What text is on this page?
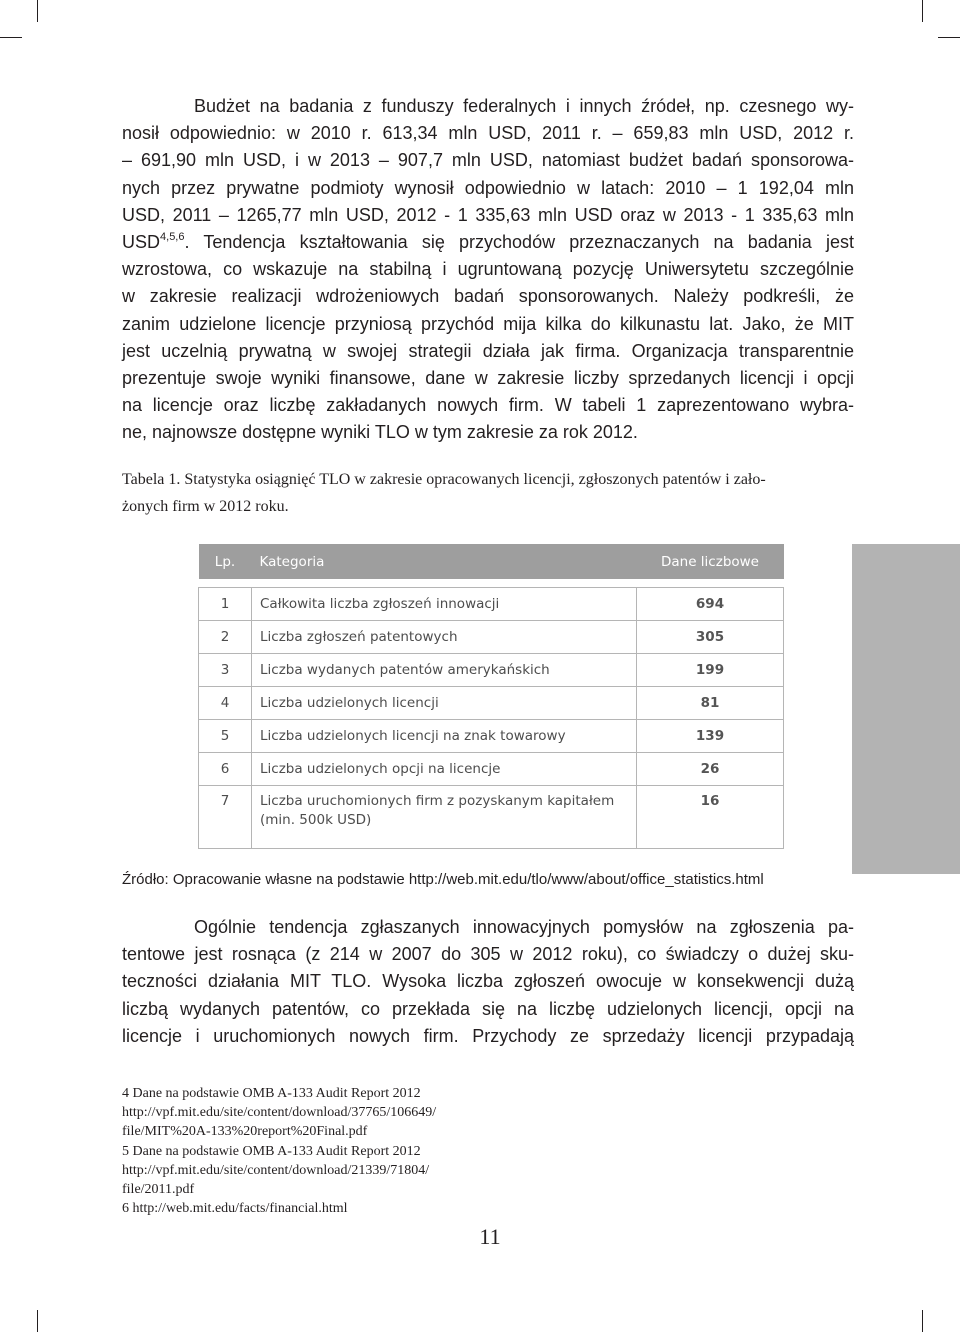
Budżet na badania z funduszy federalnych i innych źródeł, np. czesnego wy-
nosił odpowiednio: w 2010 r. 613,34 mln USD, 2011 r. – 659,83 mln USD, 2012 r.
– 691,90 mln USD, i w 2013 – 907,7 mln USD, natomiast budżet badań sponsorowa-
nych przez prywatne podmioty wynosił odpowiednio w latach: 2010 – 1 192,04 mln
USD, 2011 – 1265,77 mln USD, 2012 - 1 335,63 mln USD oraz w 2013 - 1 335,63 mln
USD$^{4,5,6}$. Tendencja kształtowania się przychodów przeznaczanych na badania jest
wzrostowa, co wskazuje na stabilną i ugruntowaną pozycję Uniwersytetu szczególnie
w zakresie realizacji wdrożeniowych badań sponsorowanych. Należy podkreśli, że
zanim udzielone licencje przyniosą przychód mija kilka do kilkunastu lat. Jako, że MIT
jest uczelnią prywatną w swojej strategii działa jak firma. Organizacja transparentnie
prezentuje swoje wyniki finansowe, dane w zakresie liczby sprzedanych licencji i opcji
na licencje oraz liczbę zakładanych nowych firm. W tabeli 1 zaprezentowano wybra-
ne, najnowsze dostępne wyniki TLO w tym zakresie za rok 2012.
Tabela 1. Statystyka osiągnięć TLO w zakresie opracowanych licencji, zgłoszonych patentów i zało-
żonych firm w 2012 roku.
Lp.	Kategoria	Dane liczbowe

1	Całkowita liczba zgłoszeń innowacji	694
2	Liczba zgłoszeń patentowych	305
3	Liczba wydanych patentów amerykańskich	199
4	Liczba udzielonych licencji	81
5	Liczba udzielonych licencji na znak towarowy	139
6	Liczba udzielonych opcji na licencje	26
7	Liczba uruchomionych firm z pozyskanym kapitałem (min. 500k USD)	16
Źródło: Opracowanie własne na podstawie http://web.mit.edu/tlo/www/about/office_statistics.html
Ogólnie tendencja zgłaszanych innowacyjnych pomysłów na zgłoszenia pa-
tentowe jest rosnąca (z 214 w 2007 do 305 w 2012 roku), co świadczy o dużej sku-
teczności działania MIT TLO. Wysoka liczba zgłoszeń owocuje w konsekwencji dużą
liczbą wydanych patentów, co przekłada się na liczbę udzielonych licencji, opcji na
licencje i uruchomionych nowych firm. Przychody ze sprzedaży licencji przypadają
4 Dane na podstawie OMB A-133 Audit Report 2012
http://vpf.mit.edu/site/content/download/37765/106649/
file/MIT%20A-133%20report%20Final.pdf
5 Dane na podstawie OMB A-133 Audit Report 2012
http://vpf.mit.edu/site/content/download/21339/71804/
file/2011.pdf
6 http://web.mit.edu/facts/financial.html
11
